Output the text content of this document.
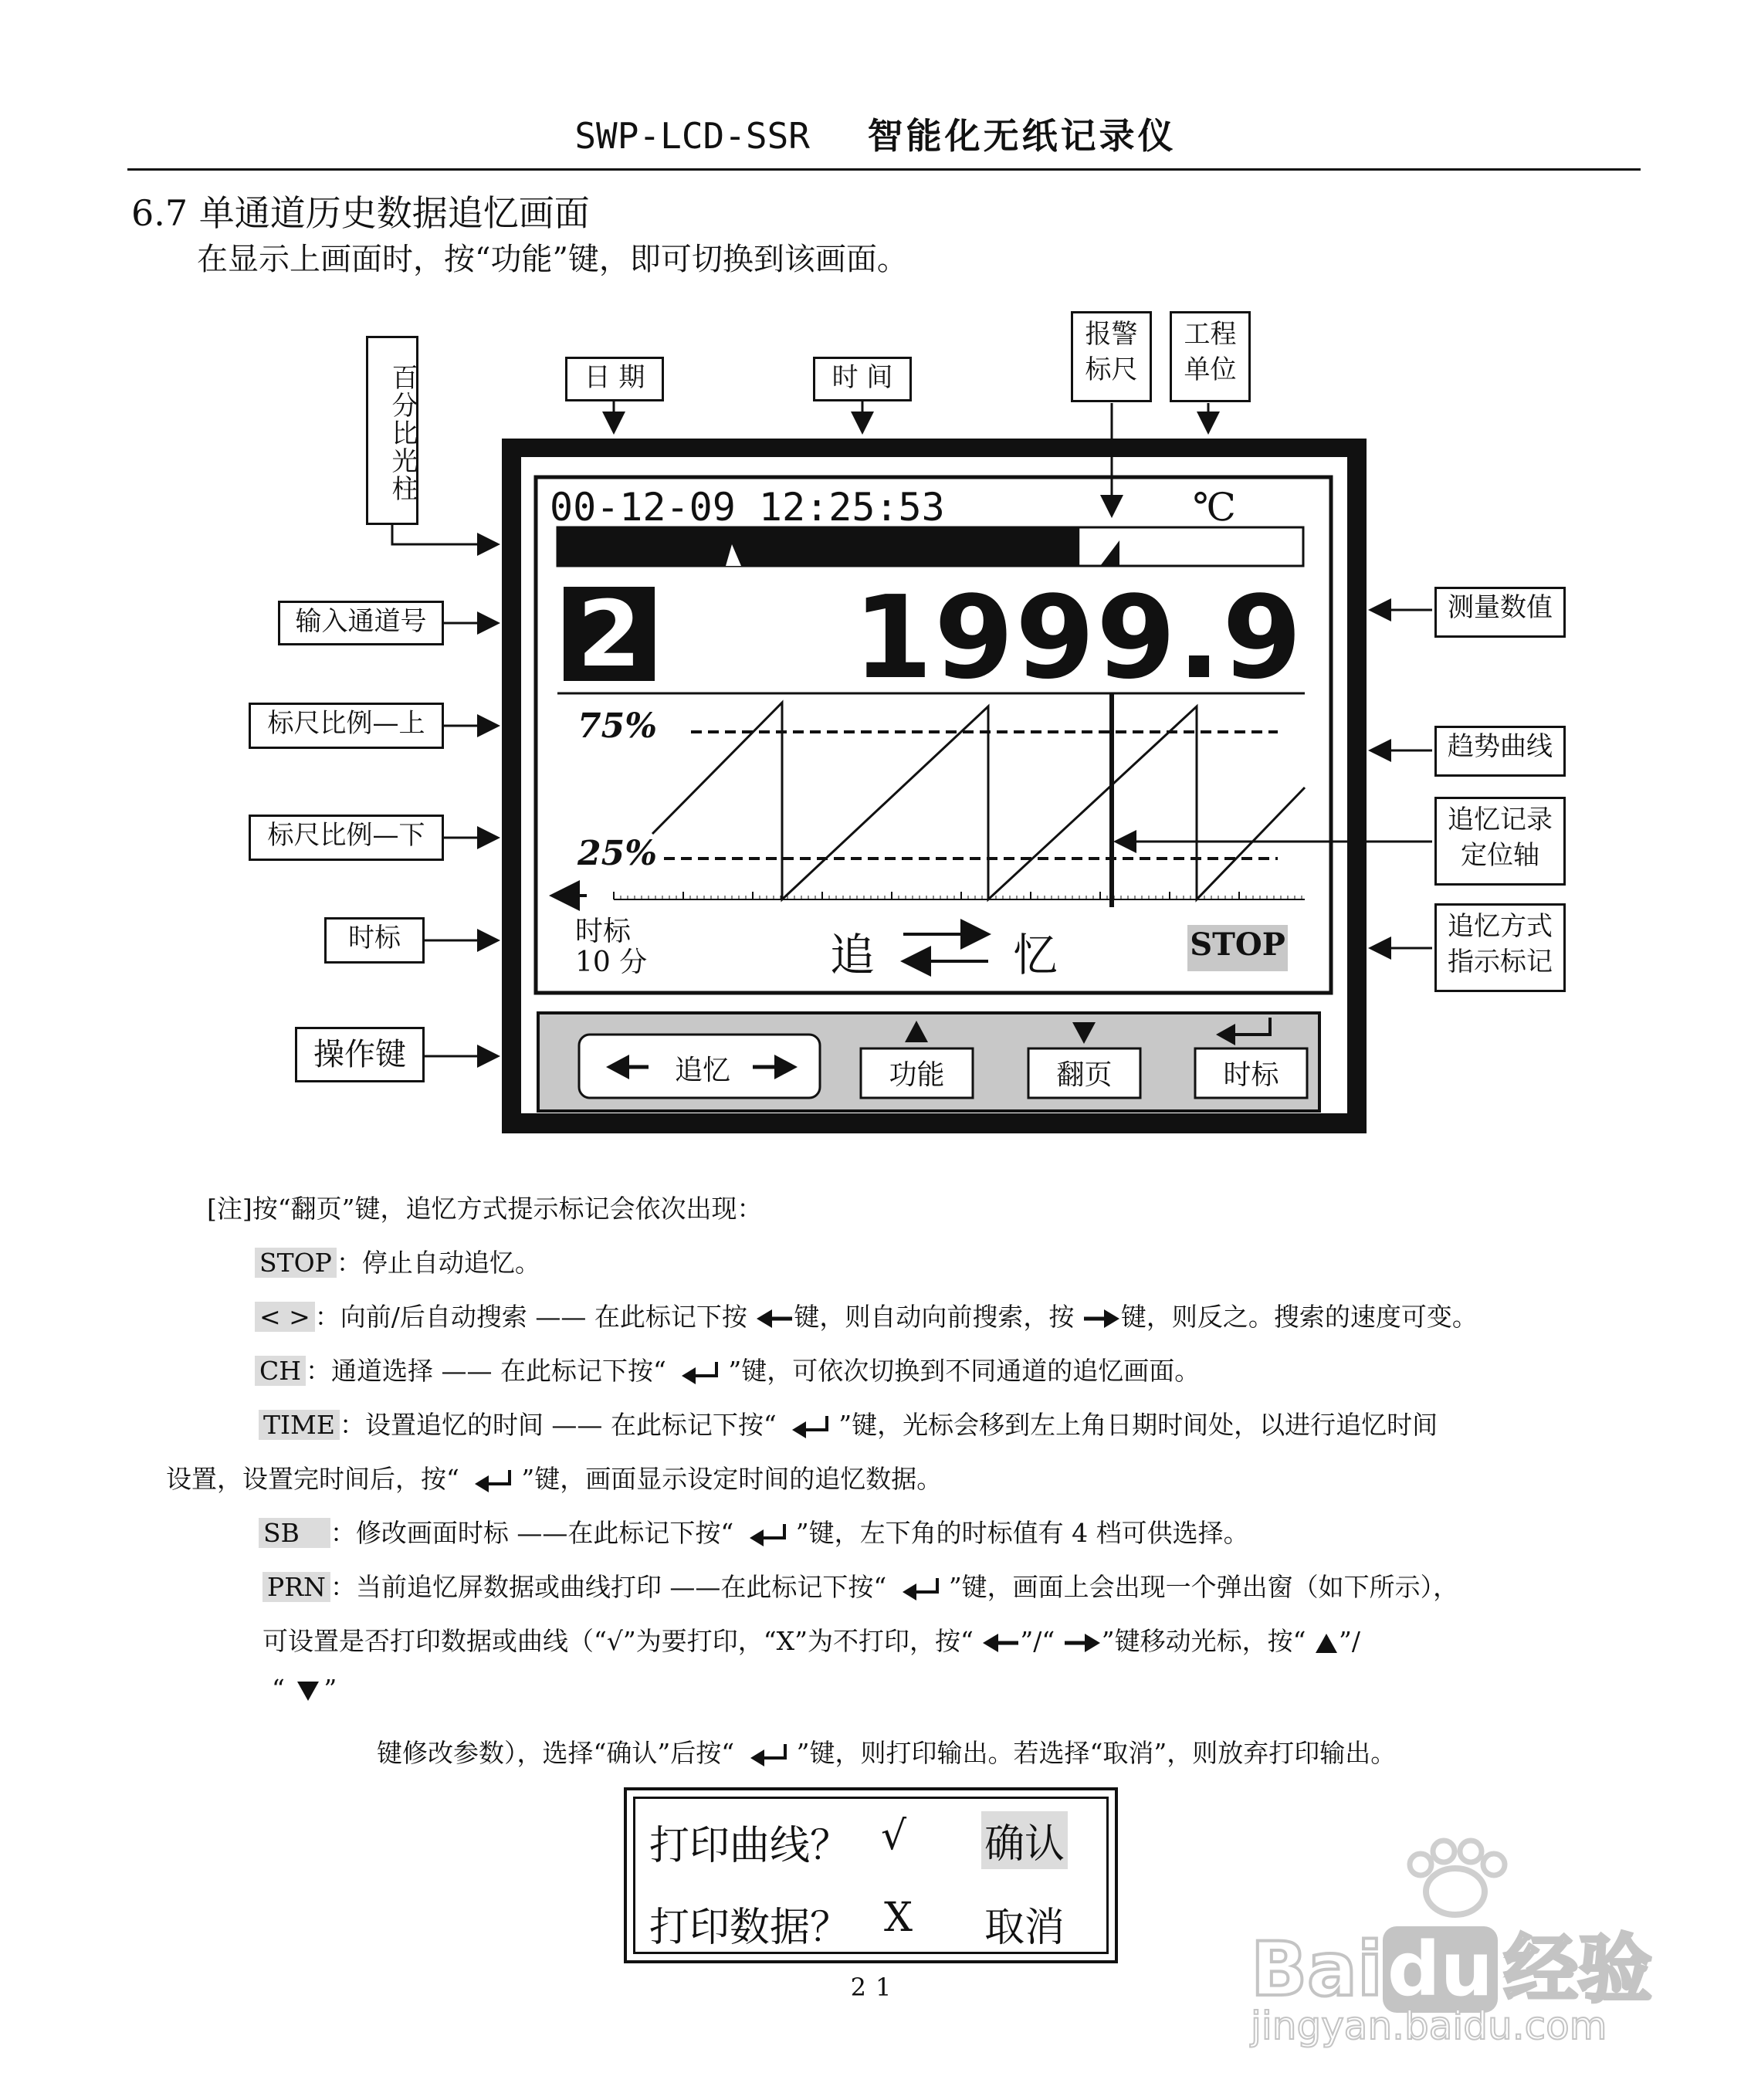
SWP-LCD-SSR 智能化无纸记录仪
6.7 单通道历史数据追忆画面
在显示上画面时，按“功能”键，即可切换到该画面。
百分比光柱	日 期	时 间
报警标尺
工程单位
输入通道号
标尺比例—上
标尺比例—下
时标
操作键
测量数值
趋势曲线
追忆记录定位轴
追忆方式指示标记
00-12-09 12:25:53	℃
2 1999.9
75%
25%
时标
10 分	追	忆	STOP
追忆	功能	翻页	时标
[注]按“翻页”键，追忆方式提示标记会依次出现：
STOP ：停止自动追忆。
< > ：向前/后自动搜索 —— 在此标记下按 键，则自动向前搜索，按 键，则反之。搜索的速度可变。
CH ：通道选择 —— 在此标记下按“ ”键，可依次切换到不同通道的追忆画面。
TIME ：设置追忆的时间 —— 在此标记下按“ ”键，光标会移到左上角日期时间处，以进行追忆时间
设置，设置完时间后，按“ ”键，画面显示设定时间的追忆数据。
SB ：修改画面时标 ——在此标记下按“ ”键，左下角的时标值有 4 档可供选择。
PRN ：当前追忆屏数据或曲线打印 ——在此标记下按“ ”键，画面上会出现一个弹出窗（如下所示），
可设置是否打印数据或曲线（“√”为要打印，“X”为不打印，按“ ”/“ ”键移动光标，按“ ”/
“ ”
键修改参数），选择“确认”后按“ ”键，则打印输出。若选择“取消”，则放弃打印输出。
打印曲线？ √ 确认
打印数据？ X 取消
21	Baidu 经验
jingyan.baidu.com
